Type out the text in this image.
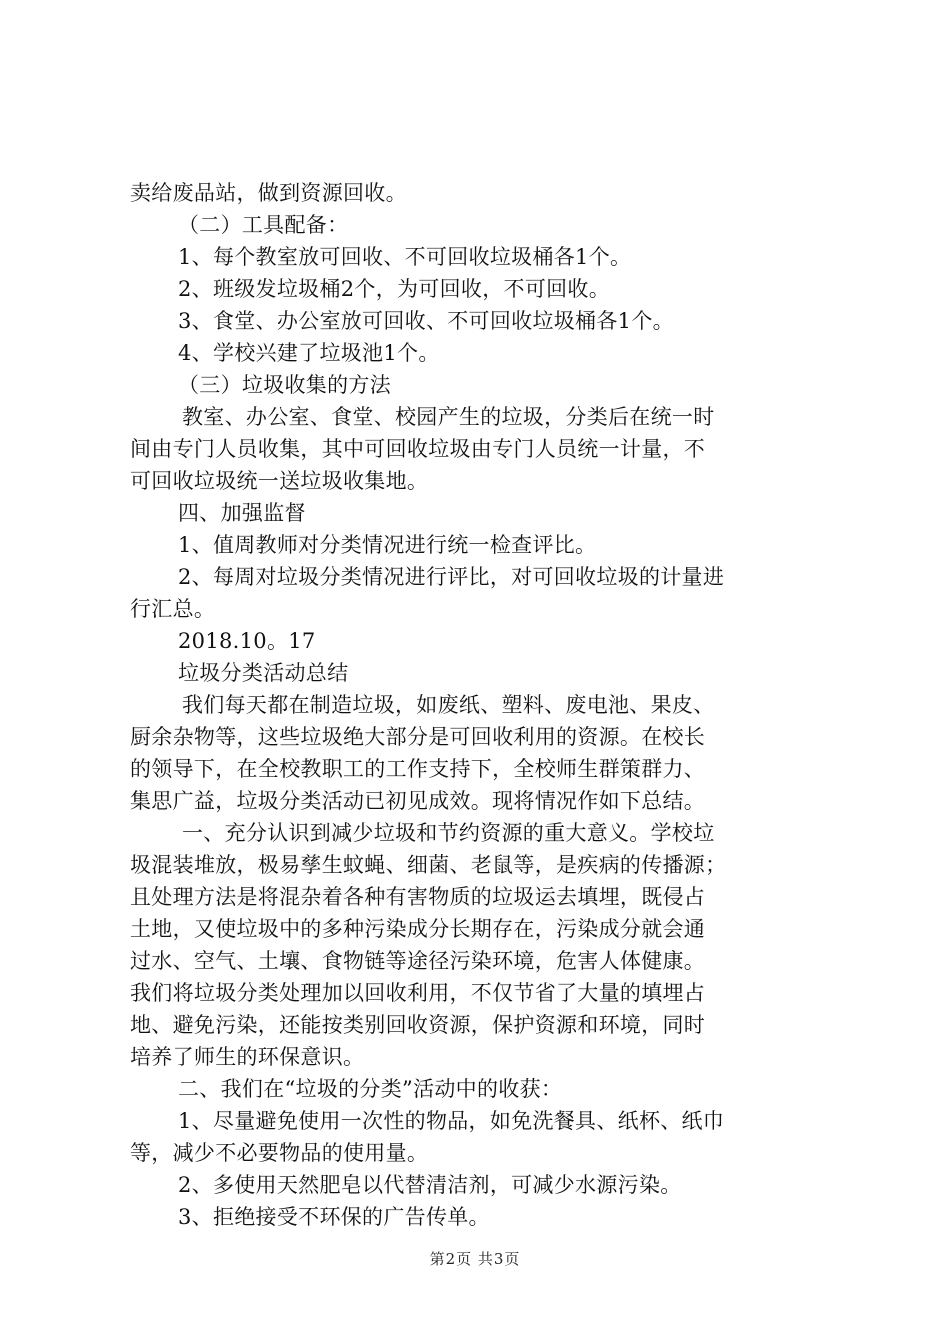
卖给废品站，做到资源回收。
（二）工具配备：
1、每个教室放可回收、不可回收垃圾桶各1个。
2、班级发垃圾桶2个，为可回收，不可回收。
3、食堂、办公室放可回收、不可回收垃圾桶各1个。
4、学校兴建了垃圾池1个。
（三）垃圾收集的方法
教室、办公室、食堂、校园产生的垃圾，分类后在统一时
间由专门人员收集，其中可回收垃圾由专门人员统一计量，不
可回收垃圾统一送垃圾收集地。
四、加强监督
1、值周教师对分类情况进行统一检查评比。
2、每周对垃圾分类情况进行评比，对可回收垃圾的计量进
行汇总。
2018.10。17
垃圾分类活动总结
我们每天都在制造垃圾，如废纸、塑料、废电池、果皮、
厨余杂物等，这些垃圾绝大部分是可回收利用的资源。在校长
的领导下，在全校教职工的工作支持下，全校师生群策群力、
集思广益，垃圾分类活动已初见成效。现将情况作如下总结。
一、充分认识到减少垃圾和节约资源的重大意义。学校垃
圾混装堆放，极易孳生蚊蝇、细菌、老鼠等，是疾病的传播源；
且处理方法是将混杂着各种有害物质的垃圾运去填埋，既侵占
土地，又使垃圾中的多种污染成分长期存在，污染成分就会通
过水、空气、土壤、食物链等途径污染环境，危害人体健康。
我们将垃圾分类处理加以回收利用，不仅节省了大量的填埋占
地、避免污染，还能按类别回收资源，保护资源和环境，同时
培养了师生的环保意识。
二、我们在“垃圾的分类”活动中的收获：
1、尽量避免使用一次性的物品，如免洗餐具、纸杯、纸巾
等，减少不必要物品的使用量。
2、多使用天然肥皂以代替清洁剂，可减少水源污染。
3、拒绝接受不环保的广告传单。
第2页 共3页
